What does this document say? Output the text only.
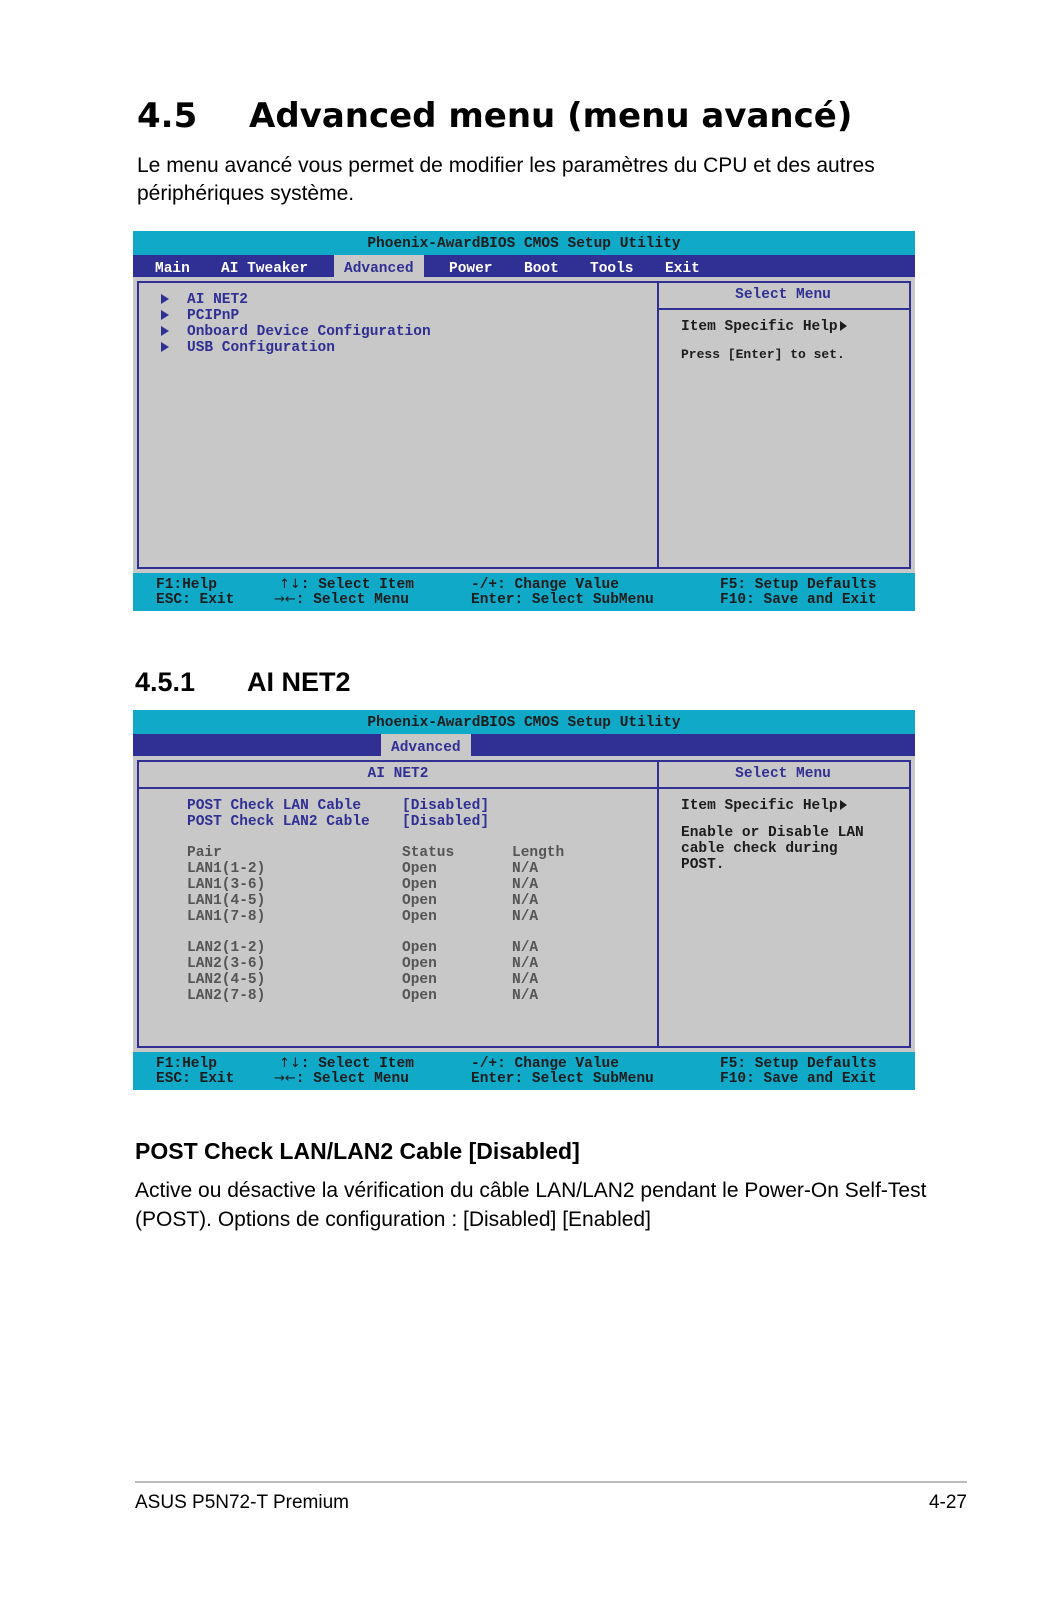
4.5 Advanced menu (menu avancé)
Le menu avancé vous permet de modifier les paramètres du CPU et des autres périphériques système.
Phoenix-AwardBIOS CMOS Setup Utility
Main	AI Tweaker	Advanced	Power	Boot	Tools	Exit
AI NET2
PCIPnP
Onboard Device Configuration
USB Configuration
Select Menu
Item Specific Help
Press [Enter] to set.
F1:Help
ESC: Exit
↑↓: Select Item
→←: Select Menu
-/+: Change Value
Enter: Select SubMenu
F5: Setup Defaults
F10: Save and Exit
4.5.1 AI NET2
Phoenix-AwardBIOS CMOS Setup Utility
Advanced
AI NET2
POST Check LAN Cable	[Disabled]
POST Check LAN2 Cable [Disabled]
Pair	Status	Length
LAN1(1-2)	Open	N/A
LAN1(3-6)	Open	N/A
LAN1(4-5)	Open	N/A
LAN1(7-8)	Open	N/A
LAN2(1-2)	Open	N/A
LAN2(3-6)	Open	N/A
LAN2(4-5)	Open	N/A
LAN2(7-8)	Open	N/A
Select Menu
Item Specific Help
Enable or Disable LAN
cable check during
POST.
F1:Help
ESC: Exit
↑↓: Select Item
→←: Select Menu
-/+: Change Value
Enter: Select SubMenu
F5: Setup Defaults
F10: Save and Exit
POST Check LAN/LAN2 Cable [Disabled]
Active ou désactive la vérification du câble LAN/LAN2 pendant le Power-On Self-Test (POST). Options de configuration : [Disabled] [Enabled]
ASUS P5N72-T Premium	4-27
